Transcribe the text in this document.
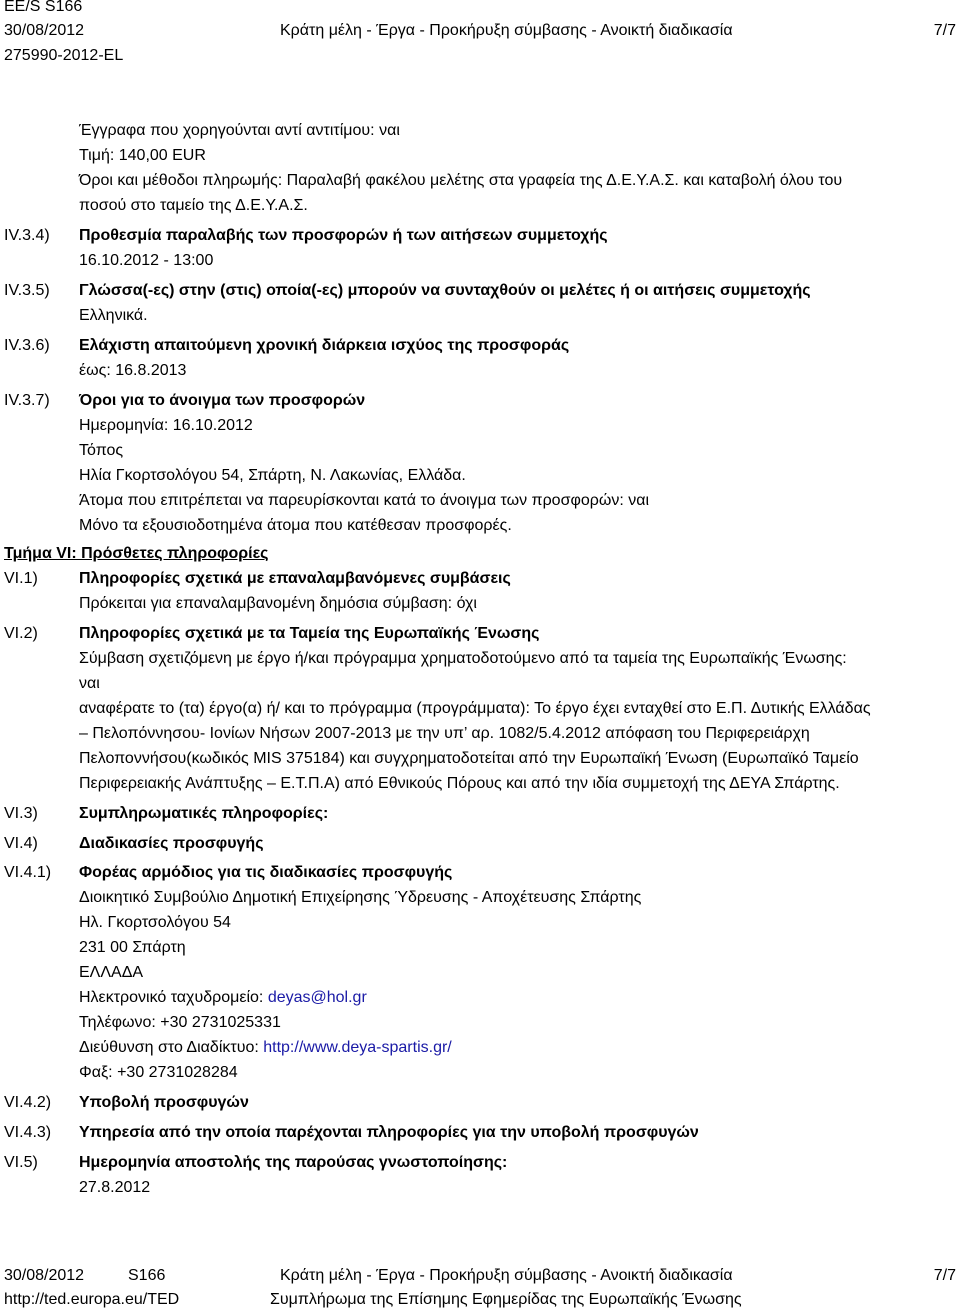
EE/S S166
30/08/2012	Κράτη μέλη - Έργα - Προκήρυξη σύμβασης - Ανοικτή διαδικασία	7/7
275990-2012-EL
Έγγραφα που χορηγούνται αντί αντιτίμου: ναι
Τιμή: 140,00 EUR
Όροι και μέθοδοι πληρωμής: Παραλαβή φακέλου μελέτης στα γραφεία της Δ.Ε.Υ.Α.Σ. και καταβολή όλου του
ποσού στο ταμείο της Δ.Ε.Υ.Α.Σ.
IV.3.4) Προθεσμία παραλαβής των προσφορών ή των αιτήσεων συμμετοχής
16.10.2012 - 13:00
IV.3.5) Γλώσσα(-ες) στην (στις) οποία(-ες) μπορούν να συνταχθούν οι μελέτες ή οι αιτήσεις συμμετοχής
Ελληνικά.
IV.3.6) Ελάχιστη απαιτούμενη χρονική διάρκεια ισχύος της προσφοράς
έως: 16.8.2013
IV.3.7) Όροι για το άνοιγμα των προσφορών
Ημερομηνία: 16.10.2012
Τόπος
Ηλία Γκορτσολόγου 54, Σπάρτη, Ν. Λακωνίας, Ελλάδα.
Άτομα που επιτρέπεται να παρευρίσκονται κατά το άνοιγμα των προσφορών: ναι
Μόνο τα εξουσιοδοτημένα άτομα που κατέθεσαν προσφορές.
Τμήμα VI: Πρόσθετες πληροφορίες
VI.1)	Πληροφορίες σχετικά με επαναλαμβανόμενες συμβάσεις
Πρόκειται για επαναλαμβανομένη δημόσια σύμβαση: όχι
VI.2)	Πληροφορίες σχετικά με τα Ταμεία της Ευρωπαϊκής Ένωσης
Σύμβαση σχετιζόμενη με έργο ή/και πρόγραμμα χρηματοδοτούμενο από τα ταμεία της Ευρωπαϊκής Ένωσης:
ναι
αναφέρατε το (τα) έργο(α) ή/ και το πρόγραμμα (προγράμματα): Το έργο έχει ενταχθεί στο Ε.Π. Δυτικής Ελλάδας
– Πελοπόννησου- Ιονίων Νήσων 2007-2013 με την υπ’ αρ. 1082/5.4.2012 απόφαση του Περιφερειάρχη
Πελοποννήσου(κωδικός MIS 375184) και συγχρηματοδοτείται από την Ευρωπαϊκή Ένωση (Ευρωπαϊκό Ταμείο
Περιφερειακής Ανάπτυξης – Ε.Τ.Π.Α) από Εθνικούς Πόρους και από την ιδία συμμετοχή της ΔΕΥΑ Σπάρτης.
VI.3)	Συμπληρωματικές πληροφορίες:
VI.4)	Διαδικασίες προσφυγής
VI.4.1) Φορέας αρμόδιος για τις διαδικασίες προσφυγής
Διοικητικό Συμβούλιο Δημοτική Επιχείρησης Ύδρευσης - Αποχέτευσης Σπάρτης
Ηλ. Γκορτσολόγου 54
231 00 Σπάρτη
ΕΛΛΑΔΑ
Ηλεκτρονικό ταχυδρομείο: deyas@hol.gr
Τηλέφωνο: +30 2731025331
Διεύθυνση στο Διαδίκτυο: http://www.deya-spartis.gr/
Φαξ: +30 2731028284
VI.4.2) Υποβολή προσφυγών
VI.4.3) Υπηρεσία από την οποία παρέχονται πληροφορίες για την υποβολή προσφυγών
VI.5)	Ημερομηνία αποστολής της παρούσας γνωστοποίησης:
27.8.2012
30/08/2012	S166	Κράτη μέλη - Έργα - Προκήρυξη σύμβασης - Ανοικτή διαδικασία	7/7
http://ted.europa.eu/TED	Συμπλήρωμα της Επίσημης Εφημερίδας της Ευρωπαϊκής Ένωσης
